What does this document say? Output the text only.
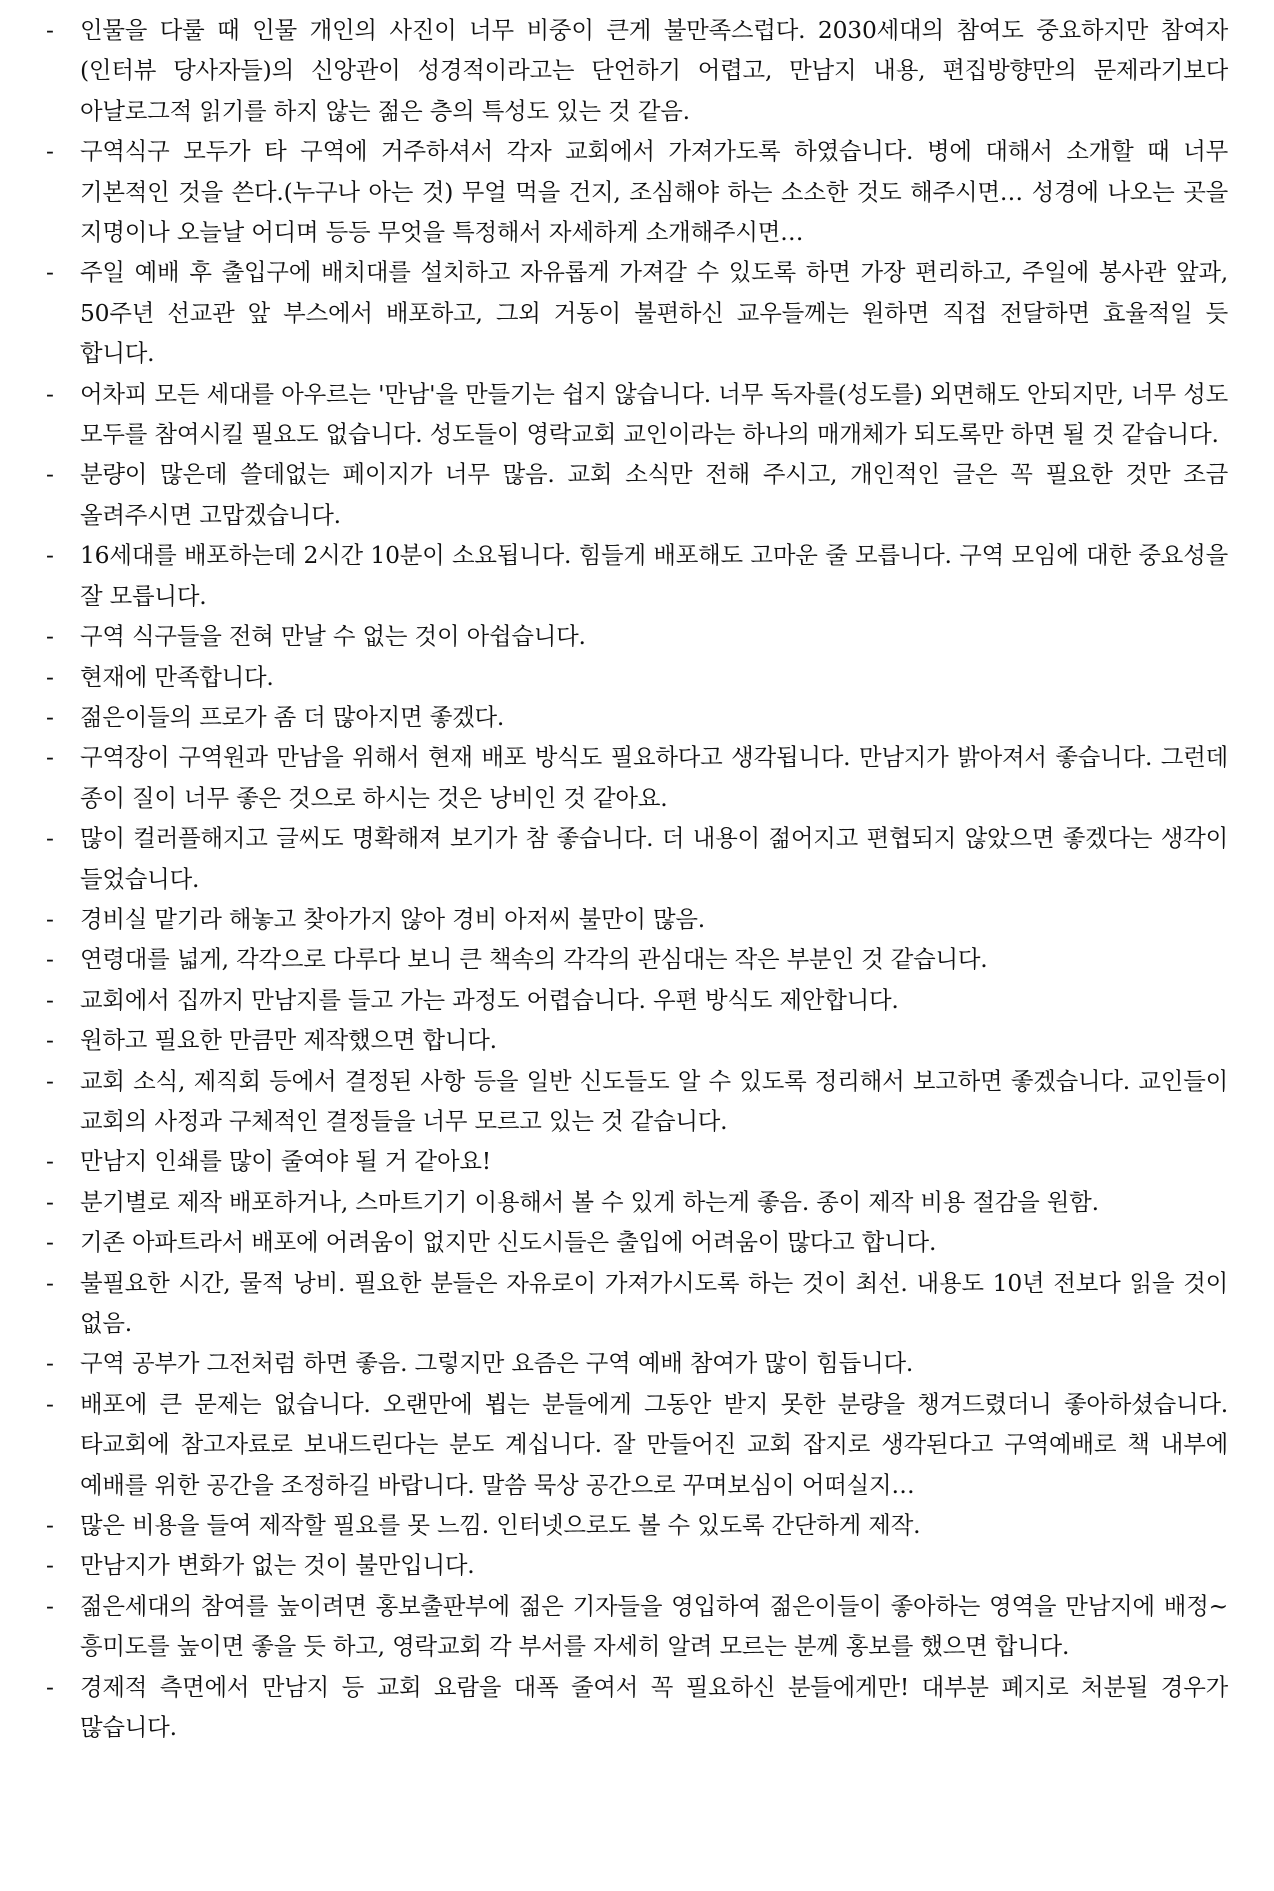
-	인물을 다룰 때 인물 개인의 사진이 너무 비중이 큰게 불만족스럽다. 2030세대의 참여도 중요하지만 참여자(인터뷰 당사자들)의 신앙관이 성경적이라고는 단언하기 어렵고, 만남지 내용, 편집방향만의 문제라기보다 아날로그적 읽기를 하지 않는 젊은 층의 특성도 있는 것 같음.
-	구역식구 모두가 타 구역에 거주하셔서 각자 교회에서 가져가도록 하였습니다. 병에 대해서 소개할 때 너무 기본적인 것을 쓴다.(누구나 아는 것) 무얼 먹을 건지, 조심해야 하는 소소한 것도 해주시면… 성경에 나오는 곳을 지명이나 오늘날 어디며 등등 무엇을 특정해서 자세하게 소개해주시면…
-	주일 예배 후 출입구에 배치대를 설치하고 자유롭게 가져갈 수 있도록 하면 가장 편리하고, 주일에 봉사관 앞과, 50주년 선교관 앞 부스에서 배포하고, 그외 거동이 불편하신 교우들께는 원하면 직접 전달하면 효율적일 듯 합니다.
-	어차피 모든 세대를 아우르는 '만남'을 만들기는 쉽지 않습니다. 너무 독자를(성도를) 외면해도 안되지만, 너무 성도 모두를 참여시킬 필요도 없습니다. 성도들이 영락교회 교인이라는 하나의 매개체가 되도록만 하면 될 것 같습니다.
-	분량이 많은데 쓸데없는 페이지가 너무 많음. 교회 소식만 전해 주시고, 개인적인 글은 꼭 필요한 것만 조금 올려주시면 고맙겠습니다.
-	16세대를 배포하는데 2시간 10분이 소요됩니다. 힘들게 배포해도 고마운 줄 모릅니다. 구역 모임에 대한 중요성을 잘 모릅니다.
-	구역 식구들을 전혀 만날 수 없는 것이 아쉽습니다.
-	현재에 만족합니다.
-	젊은이들의 프로가 좀 더 많아지면 좋겠다.
-	구역장이 구역원과 만남을 위해서 현재 배포 방식도 필요하다고 생각됩니다. 만남지가 밝아져서 좋습니다. 그런데 종이 질이 너무 좋은 것으로 하시는 것은 낭비인 것 같아요.
-	많이 컬러플해지고 글씨도 명확해져 보기가 참 좋습니다. 더 내용이 젊어지고 편협되지 않았으면 좋겠다는 생각이 들었습니다.
-	경비실 맡기라 해놓고 찾아가지 않아 경비 아저씨 불만이 많음.
-	연령대를 넓게, 각각으로 다루다 보니 큰 책속의 각각의 관심대는 작은 부분인 것 같습니다.
-	교회에서 집까지 만남지를 들고 가는 과정도 어렵습니다. 우편 방식도 제안합니다.
-	원하고 필요한 만큼만 제작했으면 합니다.
-	교회 소식, 제직회 등에서 결정된 사항 등을 일반 신도들도 알 수 있도록 정리해서 보고하면 좋겠습니다. 교인들이 교회의 사정과 구체적인 결정들을 너무 모르고 있는 것 같습니다.
-	만남지 인쇄를 많이 줄여야 될 거 같아요!
-	분기별로 제작 배포하거나, 스마트기기 이용해서 볼 수 있게 하는게 좋음. 종이 제작 비용 절감을 원함.
-	기존 아파트라서 배포에 어려움이 없지만 신도시들은 출입에 어려움이 많다고 합니다.
-	불필요한 시간, 물적 낭비. 필요한 분들은 자유로이 가져가시도록 하는 것이 최선. 내용도 10년 전보다 읽을 것이 없음.
-	구역 공부가 그전처럼 하면 좋음. 그렇지만 요즘은 구역 예배 참여가 많이 힘듭니다.
-	배포에 큰 문제는 없습니다. 오랜만에 뵙는 분들에게 그동안 받지 못한 분량을 챙겨드렸더니 좋아하셨습니다. 타교회에 참고자료로 보내드린다는 분도 계십니다. 잘 만들어진 교회 잡지로 생각된다고 구역예배로 책 내부에 예배를 위한 공간을 조정하길 바랍니다. 말씀 묵상 공간으로 꾸며보심이 어떠실지…
-	많은 비용을 들여 제작할 필요를 못 느낌. 인터넷으로도 볼 수 있도록 간단하게 제작.
-	만남지가 변화가 없는 것이 불만입니다.
-	젊은세대의 참여를 높이려면 홍보출판부에 젊은 기자들을 영입하여 젊은이들이 좋아하는 영역을 만남지에 배정~ 흥미도를 높이면 좋을 듯 하고, 영락교회 각 부서를 자세히 알려 모르는 분께 홍보를 했으면 합니다.
-	경제적 측면에서 만남지 등 교회 요람을 대폭 줄여서 꼭 필요하신 분들에게만! 대부분 폐지로 처분될 경우가 많습니다.
